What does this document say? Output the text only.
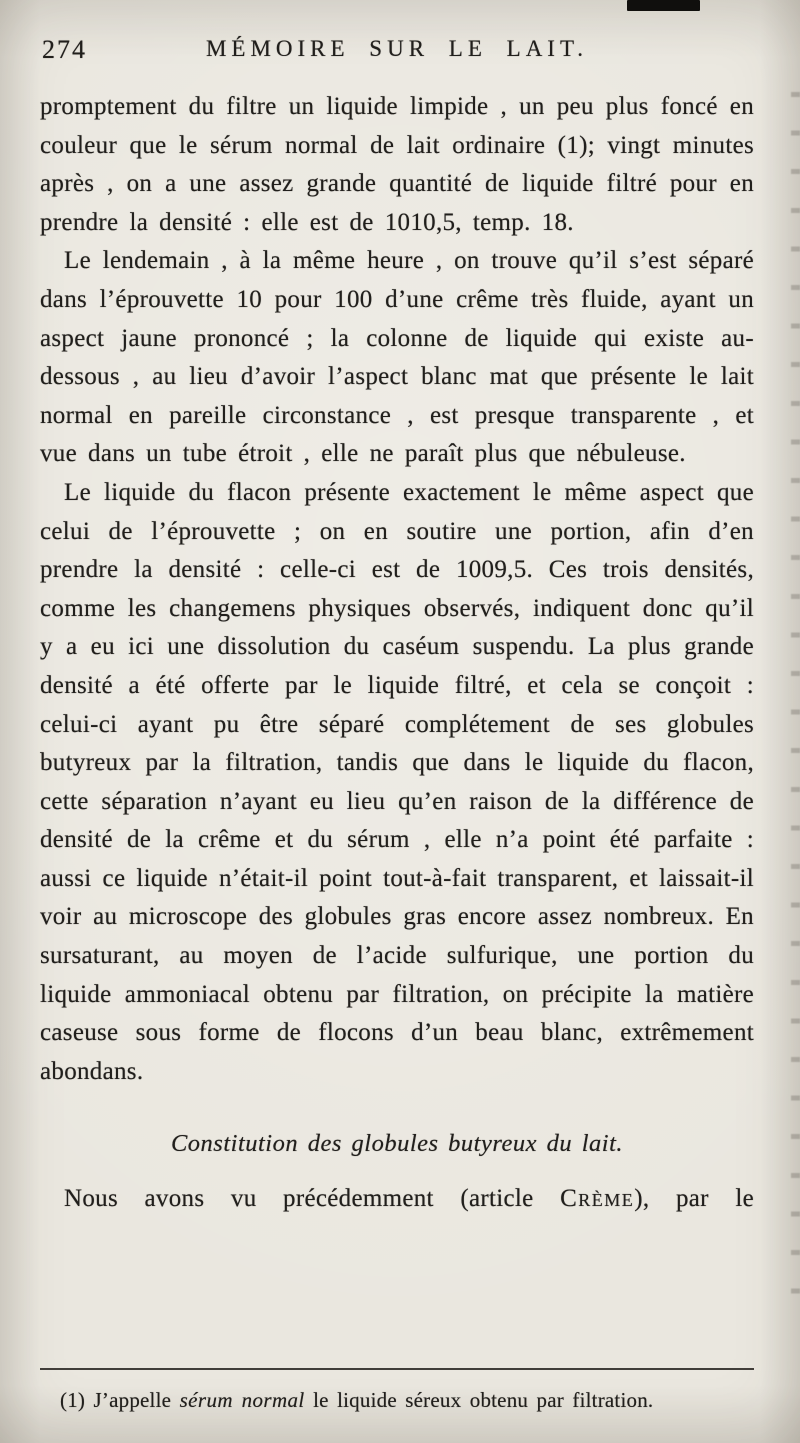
274	MÉMOIRE SUR LE LAIT.

promptement du filtre un liquide limpide , un peu plus foncé en couleur que le sérum normal de lait ordinaire (1); vingt minutes après , on a une assez grande quantité de liquide filtré pour en prendre la densité : elle est de 1010,5, temp. 18.

Le lendemain , à la même heure , on trouve qu’il s’est séparé dans l’éprouvette 10 pour 100 d’une crême très fluide, ayant un aspect jaune prononcé ; la colonne de liquide qui existe au-dessous , au lieu d’avoir l’aspect blanc mat que présente le lait normal en pareille circonstance , est presque transparente , et vue dans un tube étroit , elle ne paraît plus que nébuleuse.

Le liquide du flacon présente exactement le même aspect que celui de l’éprouvette ; on en soutire une portion, afin d’en prendre la densité : celle-ci est de 1009,5. Ces trois densités, comme les changemens physiques observés, indiquent donc qu’il y a eu ici une dissolution du caséum suspendu. La plus grande densité a été offerte par le liquide filtré, et cela se conçoit : celui-ci ayant pu être séparé complétement de ses globules butyreux par la filtration, tandis que dans le liquide du flacon, cette séparation n’ayant eu lieu qu’en raison de la différence de densité de la crême et du sérum , elle n’a point été parfaite : aussi ce liquide n’était-il point tout-à-fait transparent, et laissait-il voir au microscope des globules gras encore assez nombreux. En sursaturant, au moyen de l’acide sulfurique, une portion du liquide ammoniacal obtenu par filtration, on précipite la matière caseuse sous forme de flocons d’un beau blanc, extrêmement abondans.

Constitution des globules butyreux du lait.

Nous avons vu précédemment (article Crème), par le

(1) J’appelle sérum normal le liquide séreux obtenu par filtration.
